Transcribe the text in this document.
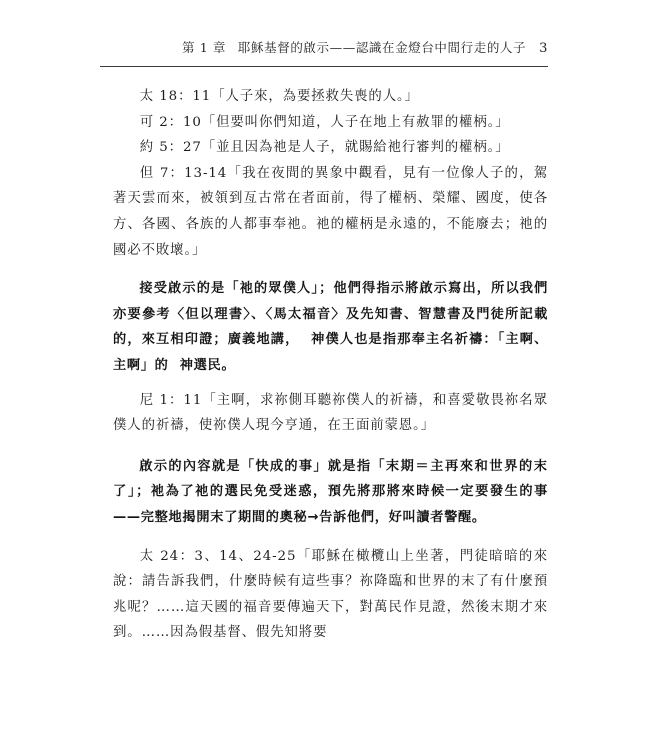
第 1 章 耶穌基督的啟示——認識在金燈台中間行走的人子 3

太 18：11「人子來，為要拯救失喪的人。」

可 2：10「但要叫你們知道，人子在地上有赦罪的權柄。」

約 5：27「並且因為祂是人子，就賜給祂行審判的權柄。」

但 7：13-14「我在夜間的異象中觀看，見有一位像人子的，駕著天雲而來，被領到亙古常在者面前，得了權柄、榮耀、國度，使各方、各國、各族的人都事奉祂。祂的權柄是永遠的，不能廢去；祂的國必不敗壞。」

接受啟示的是「祂的眾僕人」；他們得指示將啟示寫出，所以我們亦要參考〈但以理書〉、〈馬太福音〉及先知書、智慧書及門徒所記載的，來互相印證；廣義地講， 神僕人也是指那奉主名祈禱：「主啊、主啊」的 神選民。

尼 1：11「主啊，求祢側耳聽祢僕人的祈禱，和喜愛敬畏祢名眾僕人的祈禱，使祢僕人現今亨通，在王面前蒙恩。」

啟示的內容就是「快成的事」就是指「末期＝主再來和世界的末了」；祂為了祂的選民免受迷惑，預先將那將來時候一定要發生的事——完整地揭開末了期間的奧秘→告訴他們，好叫讀者警醒。

太 24：3、14、24-25「耶穌在橄欖山上坐著，門徒暗暗的來說：請告訴我們，什麼時候有這些事？祢降臨和世界的末了有什麼預兆呢？……這天國的福音要傳遍天下，對萬民作見證，然後末期才來到。……因為假基督、假先知將要
